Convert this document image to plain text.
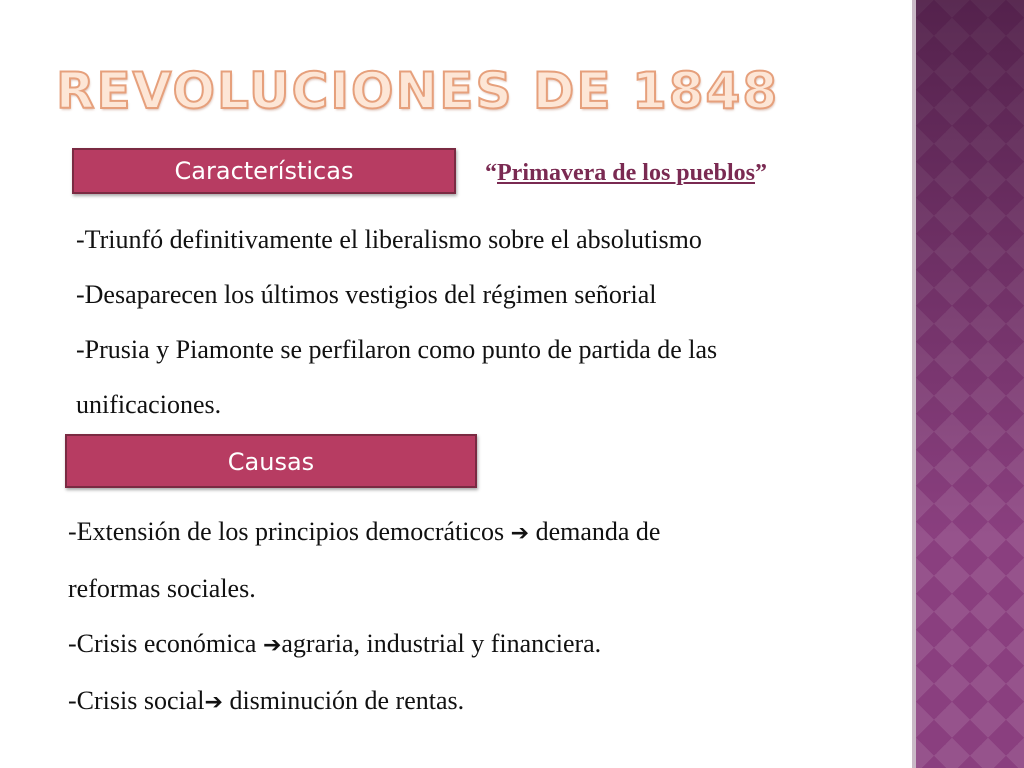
REVOLUCIONES DE 1848
Características	“Primavera de los pueblos”
-Triunfó definitivamente el liberalismo sobre el absolutismo
-Desaparecen los últimos vestigios del régimen señorial
-Prusia y Piamonte se perfilaron como punto de partida de las
unificaciones.
Causas
-Extensión de los principios democráticos ➔ demanda de
reformas sociales.
-Crisis económica ➔agraria, industrial y financiera.
-Crisis social➔ disminución de rentas.
